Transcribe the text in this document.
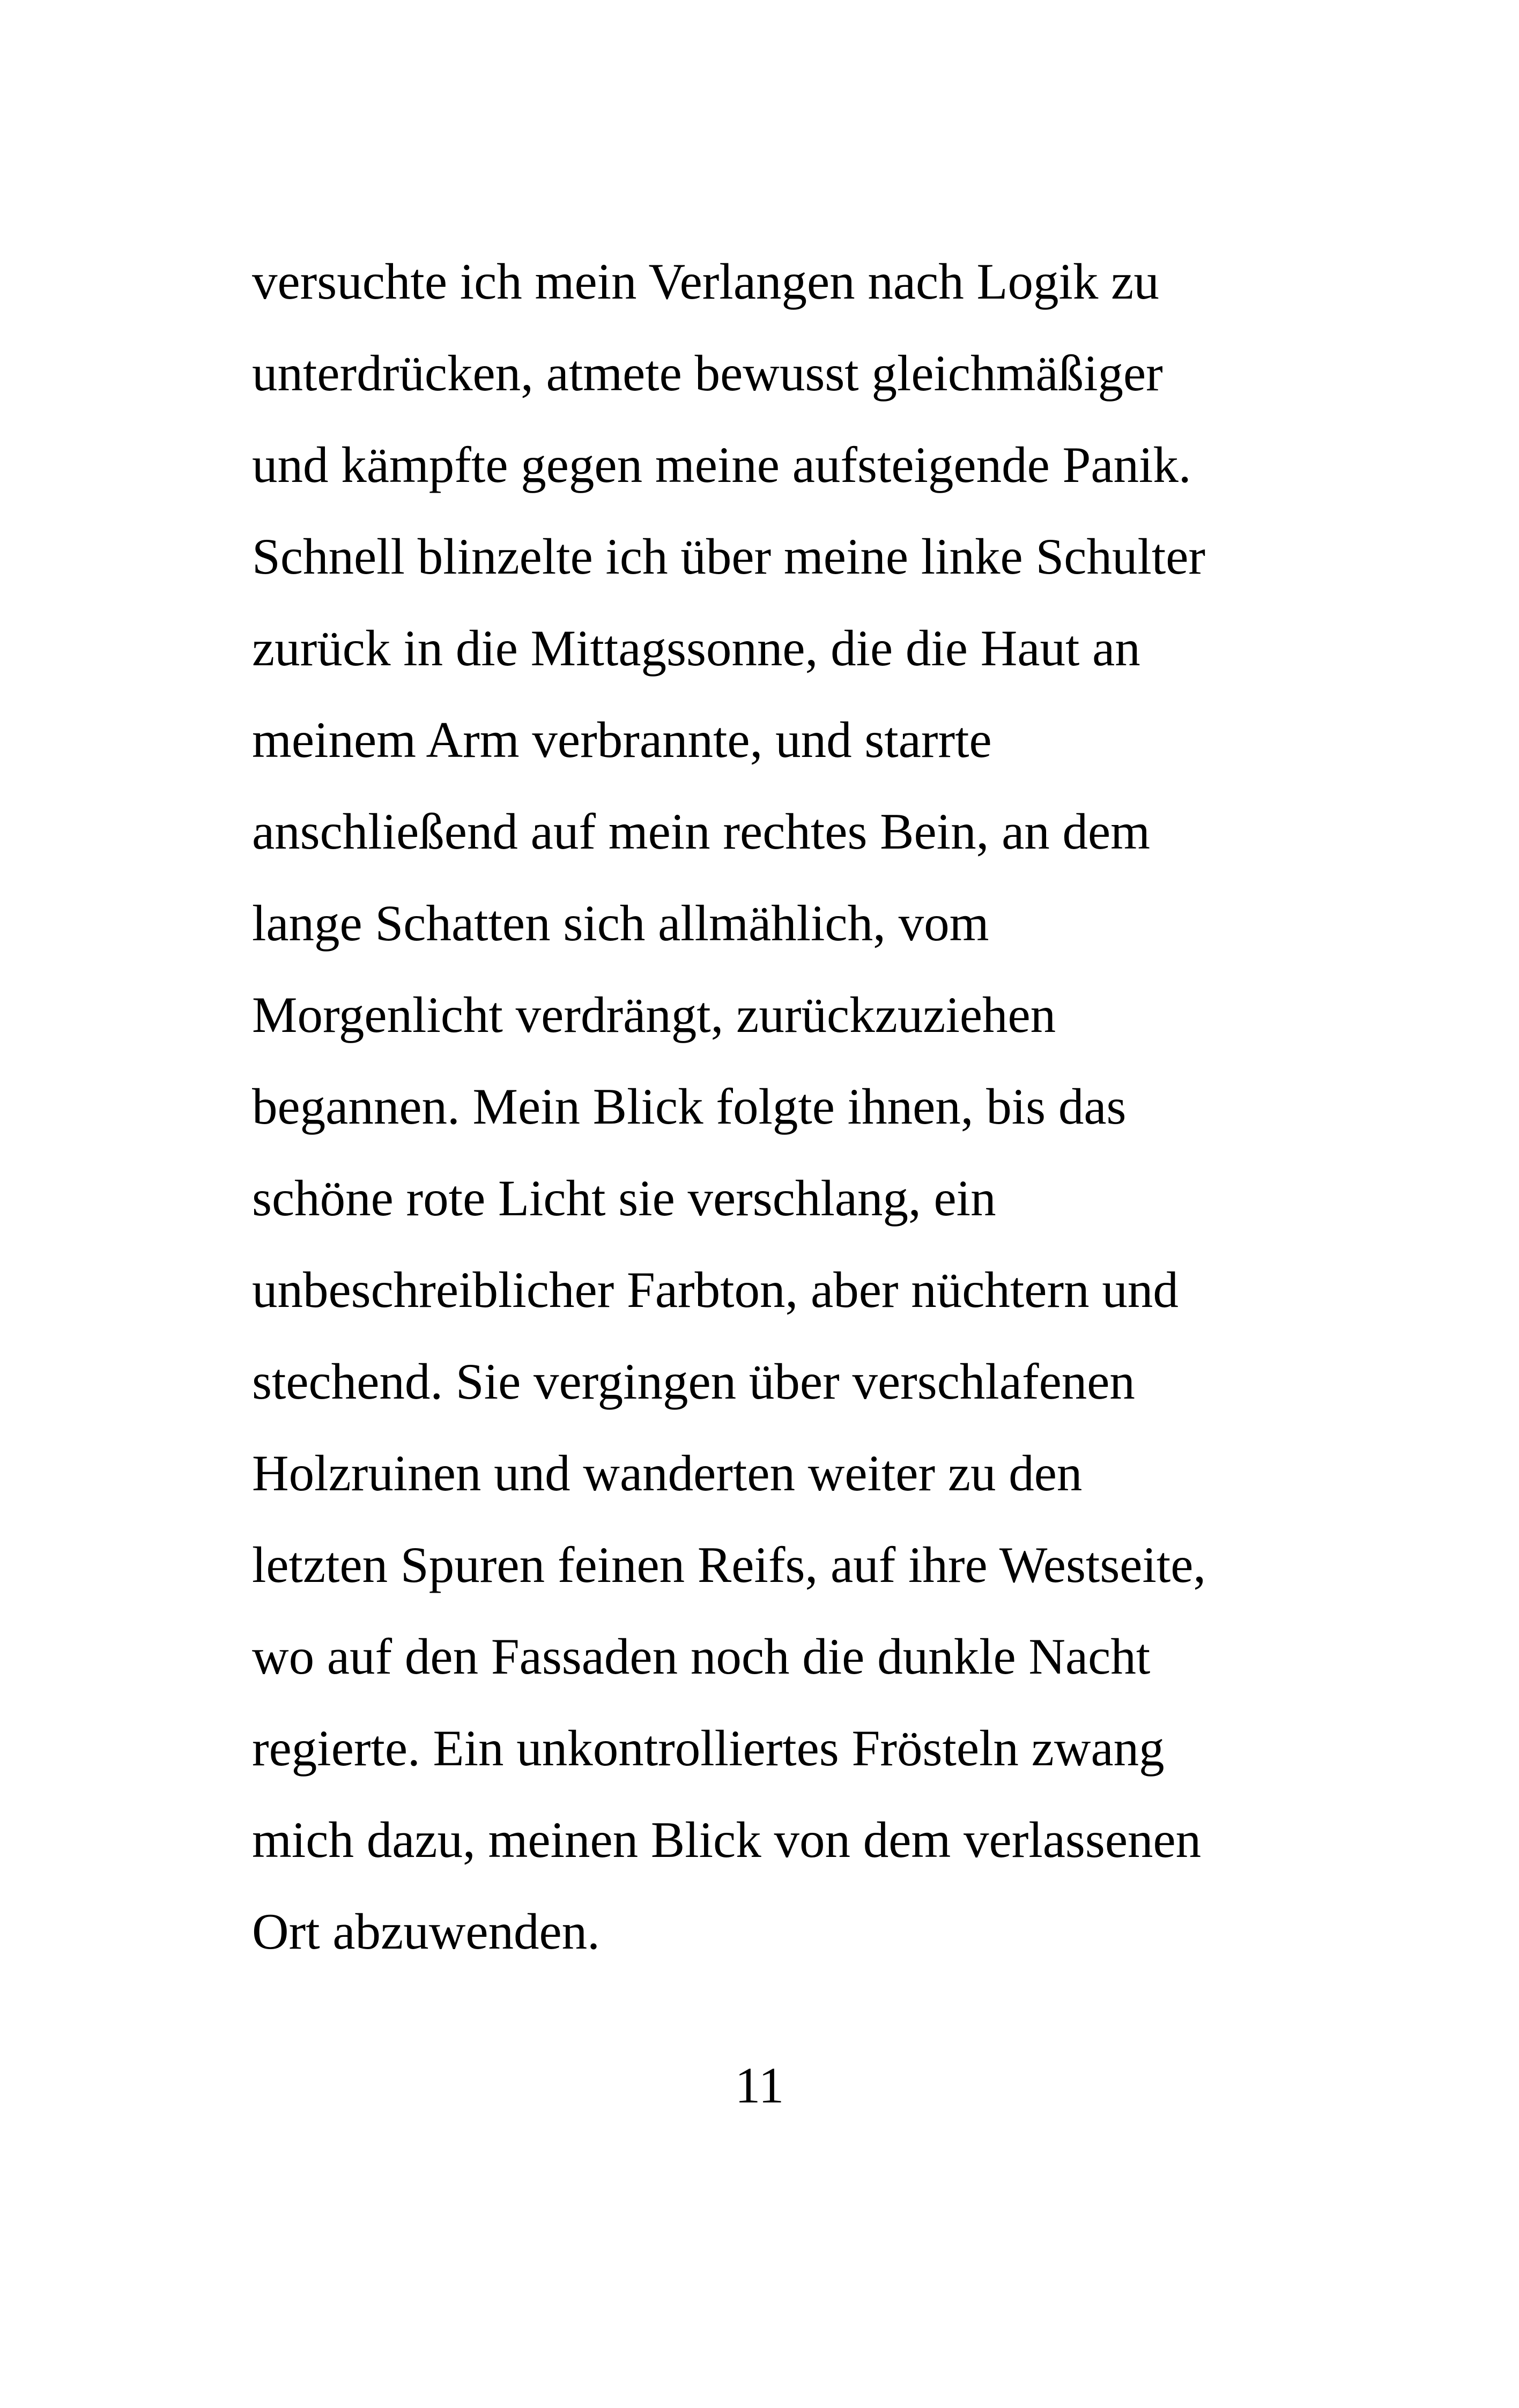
versuchte ich mein Verlangen nach Logik zu
unterdrücken, atmete bewusst gleichmäßiger
und kämpfte gegen meine aufsteigende Panik.
Schnell blinzelte ich über meine linke Schulter
zurück in die Mittagssonne, die die Haut an
meinem Arm verbrannte, und starrte
anschließend auf mein rechtes Bein, an dem
lange Schatten sich allmählich, vom
Morgenlicht verdrängt, zurückzuziehen
begannen. Mein Blick folgte ihnen, bis das
schöne rote Licht sie verschlang, ein
unbeschreiblicher Farbton, aber nüchtern und
stechend. Sie vergingen über verschlafenen
Holzruinen und wanderten weiter zu den
letzten Spuren feinen Reifs, auf ihre Westseite,
wo auf den Fassaden noch die dunkle Nacht
regierte. Ein unkontrolliertes Frösteln zwang
mich dazu, meinen Blick von dem verlassenen
Ort abzuwenden.
11
